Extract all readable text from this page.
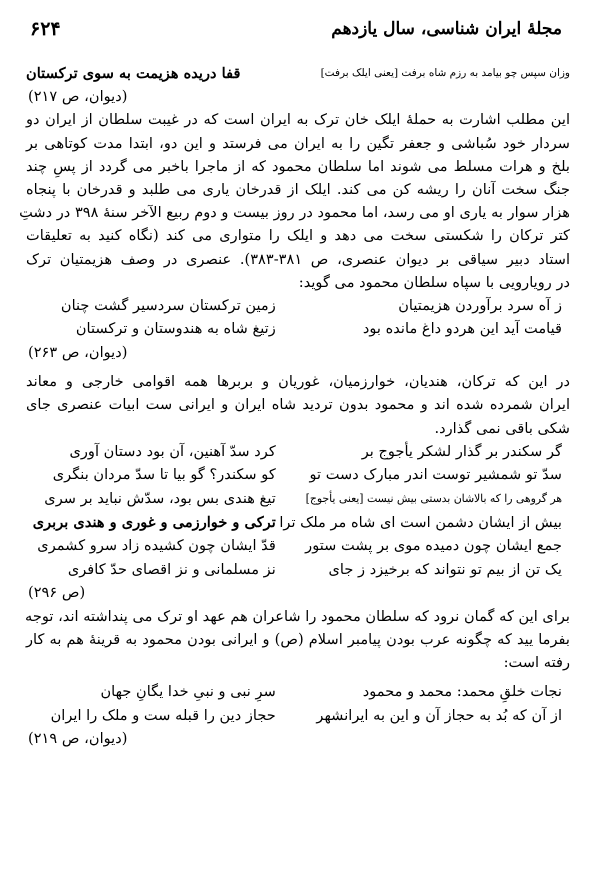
مجلهٔ ایران شناسی، سال یازدهم
۶۲۴
وزان سپس چو بیامد به رزم شاه برفت [یعنی ایلک برفت]
قفا دریده هزیمت به سوی ترکستان
(دیوان، ص ۲۱۷)
این مطلب اشارت به حملهٔ ایلک خان ترک به ایران است که در غیبت سلطان از ایران دو
سردار خود سُباشی و جعفر تگین را به ایران می فرستد و این دو، ابتدا مدت کوتاهی بر
بلخ و هرات مسلط می شوند اما سلطان محمود که از ماجرا باخبر می گردد از پسِ چند
جنگ سخت آنان را ریشه کن می کند. ایلک از قدرخان یاری می طلبد و قدرخان با پنجاه
هزار سوار به یاری او می رسد، اما محمود در روز بیست و دوم ربیع الآخر سنهٔ ۳۹۸ در دشتِ
کتر ترکان را شکستی سخت می دهد و ایلک را متواری می کند (نگاه کنید به تعلیقات
استاد دبیر سیاقی بر دیوان عنصری، ص ۳۸۱-۳۸۳). عنصری در وصف هزیمتیان ترک
در رویارویی با سپاه سلطان محمود می گوید:
ز آه سرد برآوردن هزیمتیان
زمین ترکستان سردسیر گشت چنان
قیامت آید این هردو داغ مانده بود
زتیغ شاه به هندوستان و ترکستان
(دیوان، ص ۲۶۳)
در این که ترکان، هندیان، خوارزمیان، غوریان و بربرها همه اقوامی خارجی و معاند
ایران شمرده شده اند و محمود بدون تردید شاه ایران و ایرانی ست ابیات عنصری جای
شکی باقی نمی گذارد.
گر سکندر بر گذار لشکر یأجوج بر
کرد سدّ آهنین، آن بود دستان آوری
سدّ تو شمشیر توست اندر مبارک دست تو
کو سکندر؟ گو بیا تا سدّ مردان بنگری
هر گروهی را که بالاشان بدستی بیش نیست [یعنی یأجوج]
تیغ هندی بس بود، سدّش نباید بر سری
بیش از ایشان دشمن است ای شاه مر ملک ترا
ترکی و خوارزمی و غوری و هندی بربری
جمع ایشان چون دمیده موی بر پشت ستور
قدّ ایشان چون کشیده زاد سرو کشمری
یک تن از بیم تو نتواند که برخیزد ز جای
نز مسلمانی و نز اقصای حدّ کافری
(ص ۲۹۶)
برای این که گمان نرود که سلطان محمود را شاعران هم عهد او ترک می پنداشته اند، توجه
بفرما یید که چگونه عرب بودن پیامبر اسلام (ص) و ایرانی بودن محمود به قرینهٔ هم به کار
رفته است:
نجات خلقِ محمد: محمد و محمود
سرِ نبی و نبیِ خدا یگانِ جهان
از آن که بُد به حجاز آن و این به ایرانشهر
حجاز دین را قبله ست و ملک را ایران
(دیوان، ص ۲۱۹)
